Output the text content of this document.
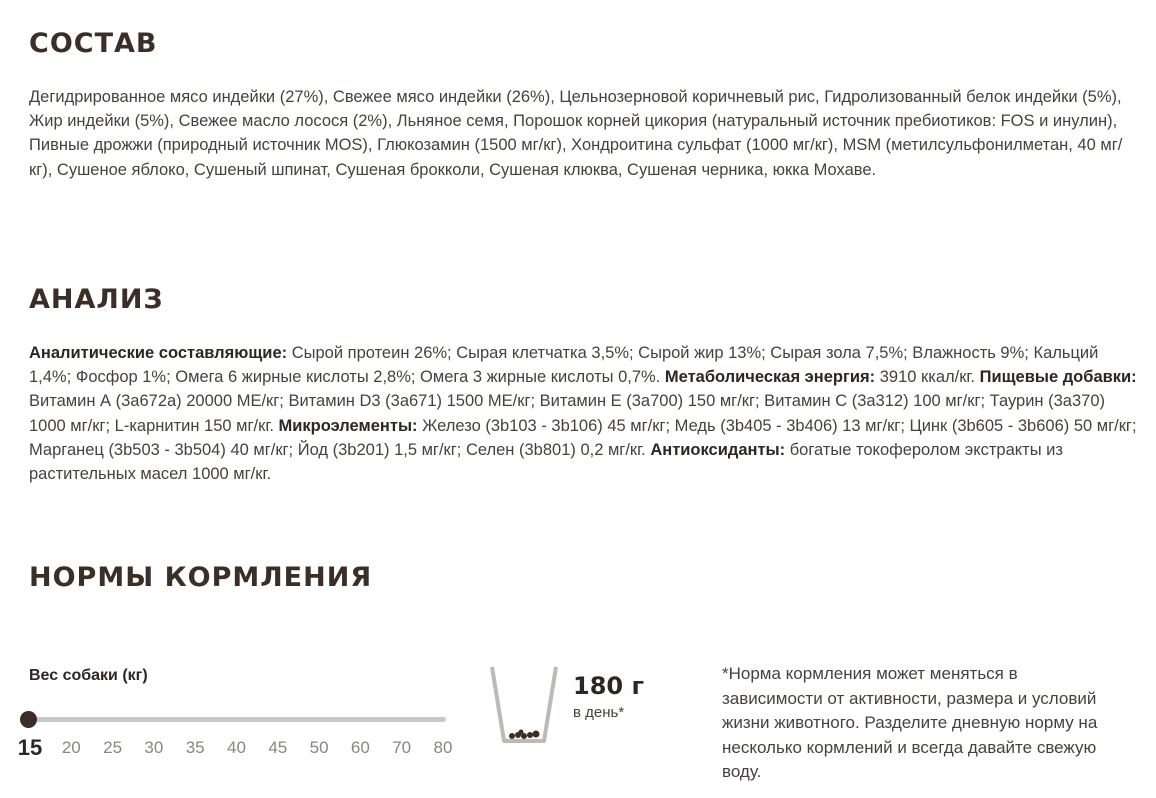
СОСТАВ

Дегидрированное мясо индейки (27%), Свежее мясо индейки (26%), Цельнозерновой коричневый рис, Гидролизованный белок индейки (5%), Жир индейки (5%), Свежее масло лосося (2%), Льняное семя, Порошок корней цикория (натуральный источник пребиотиков: FOS и инулин), Пивные дрожжи (природный источник MOS), Глюкозамин (1500 мг/кг), Хондроитина сульфат (1000 мг/кг), MSM (метилсульфонилметан, 40 мг/кг), Сушеное яблоко, Сушеный шпинат, Сушеная брокколи, Сушеная клюква, Сушеная черника, юкка Мохаве.

АНАЛИЗ

Аналитические составляющие: Сырой протеин 26%; Сырая клетчатка 3,5%; Сырой жир 13%; Сырая зола 7,5%; Влажность 9%; Кальций 1,4%; Фосфор 1%; Омега 6 жирные кислоты 2,8%; Омега 3 жирные кислоты 0,7%. Метаболическая энергия: 3910 ккал/кг. Пищевые добавки: Витамин А (3а672а) 20000 МЕ/кг; Витамин D3 (3а671) 1500 МЕ/кг; Витамин Е (3а700) 150 мг/кг; Витамин С (3а312) 100 мг/кг; Таурин (3а370) 1000 мг/кг; L-карнитин 150 мг/кг. Микроэлементы: Железо (3b103 - 3b106) 45 мг/кг; Медь (3b405 - 3b406) 13 мг/кг; Цинк (3b605 - 3b606) 50 мг/кг; Марганец (3b503 - 3b504) 40 мг/кг; Йод (3b201) 1,5 мг/кг; Селен (3b801) 0,2 мг/кг. Антиоксиданты: богатые токоферолом экстракты из растительных масел 1000 мг/кг.

НОРМЫ КОРМЛЕНИЯ
Вес собаки (кг)
15 20 25 30 35 40 45 50 60 70 80
180 г
в день*

*Норма кормления может меняться в зависимости от активности, размера и условий жизни животного. Разделите дневную норму на несколько кормлений и всегда давайте свежую воду.
